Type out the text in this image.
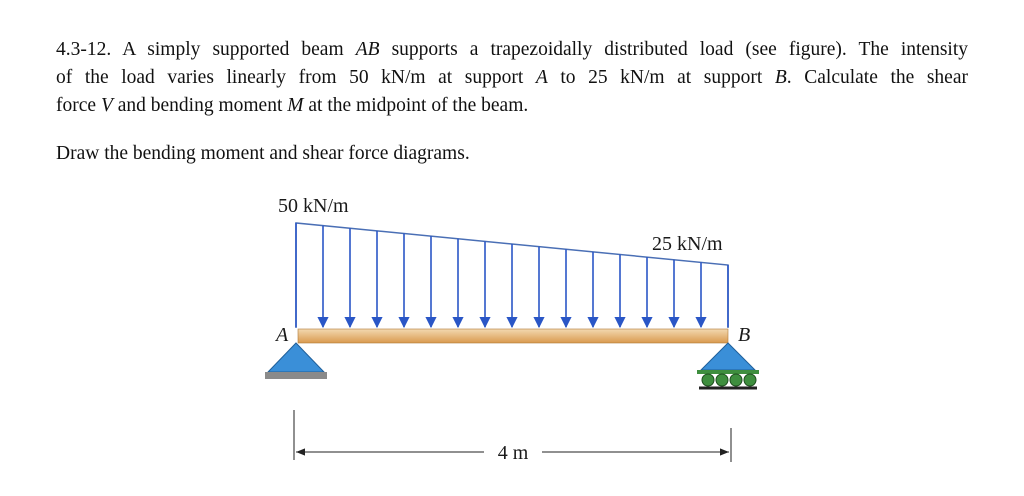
4.3-12. A simply supported beam AB supports a trapezoidally distributed load (see figure). The intensity
of the load varies linearly from 50 kN/m at support A to 25 kN/m at support B. Calculate the shear
force V and bending moment M at the midpoint of the beam.

Draw the bending moment and shear force diagrams.

50 kN/m
25 kN/m
A	B
4 m
